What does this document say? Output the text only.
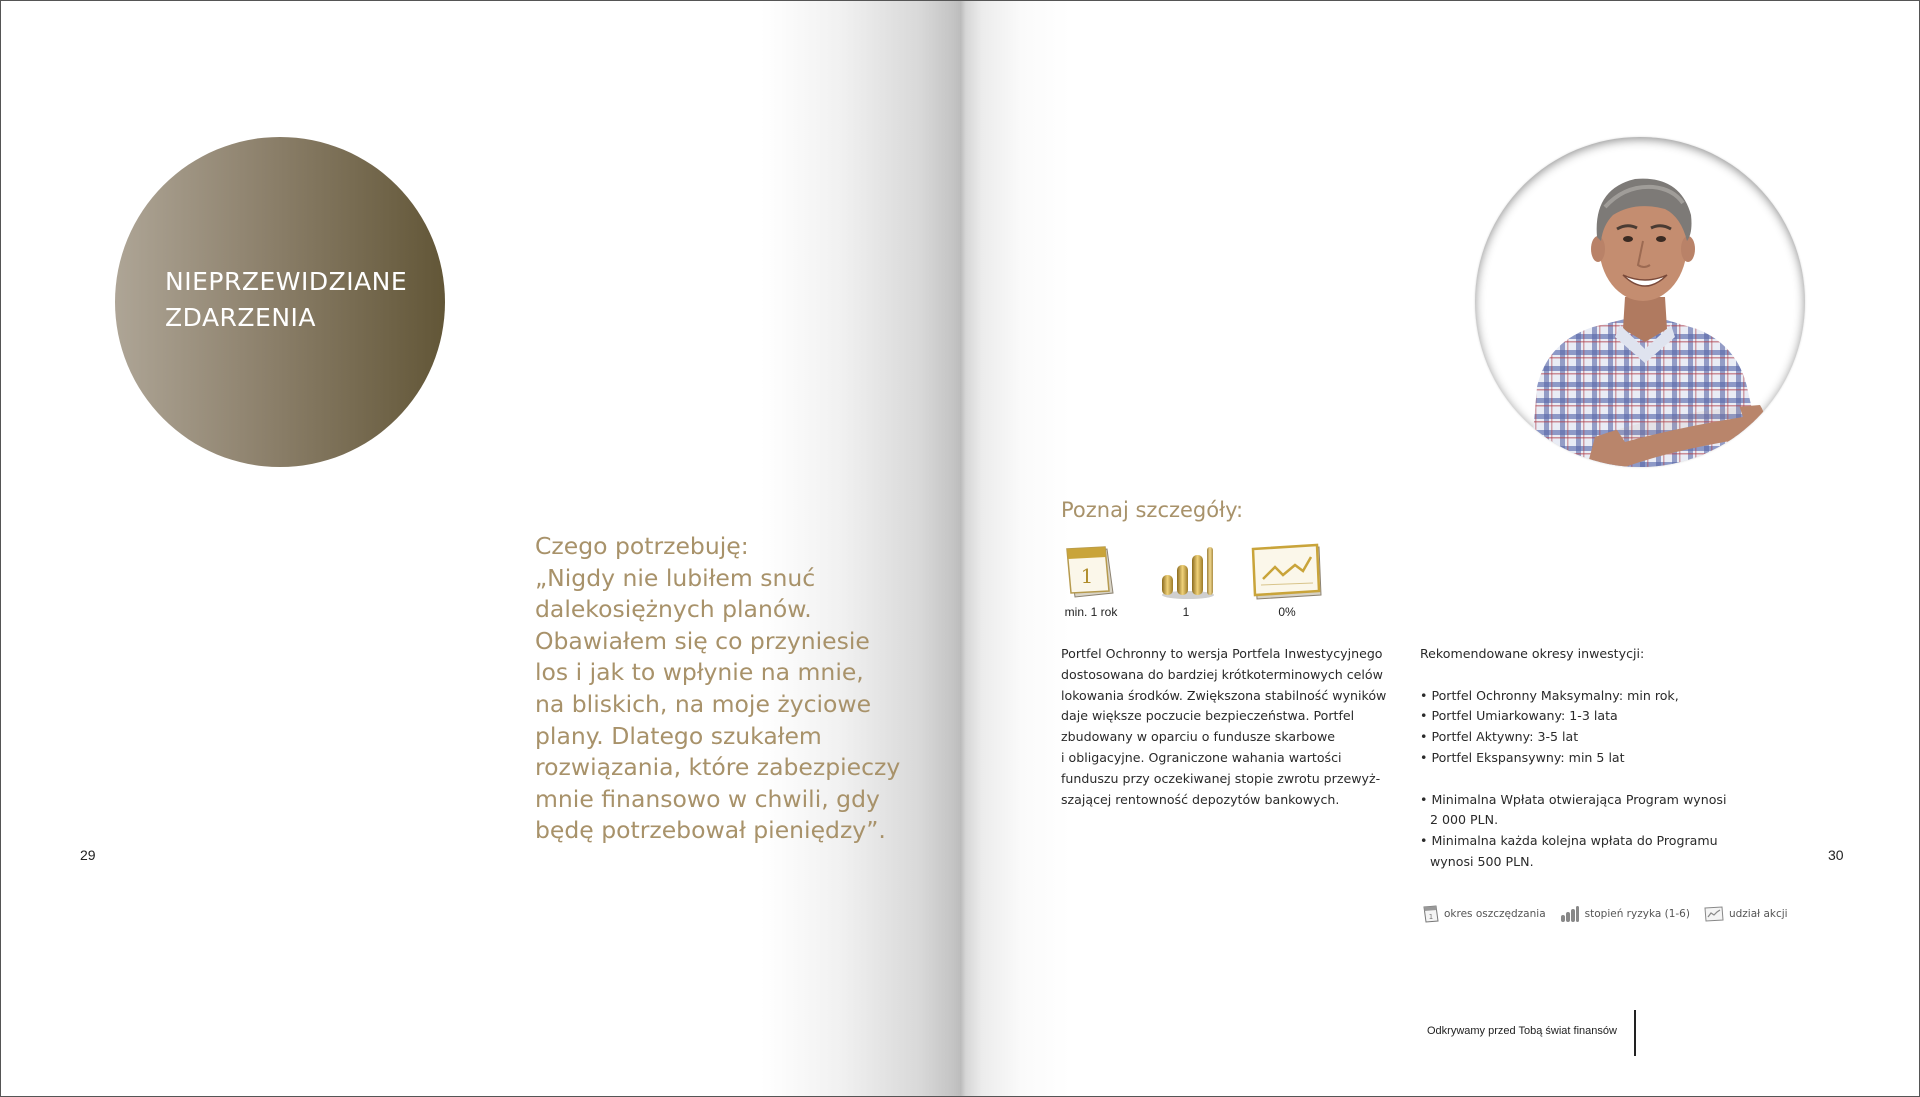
NIEPRZEWIDZIANE
ZDARZENIA

Czego potrzebuję:
„Nigdy nie lubiłem snuć
dalekosiężnych planów.
Obawiałem się co przyniesie
los i jak to wpłynie na mnie,
na bliskich, na moje życiowe
plany. Dlatego szukałem
rozwiązania, które zabezpieczy
mnie finansowo w chwili, gdy
będę potrzebował pieniędzy”.

29
Poznaj szczegóły:
1
min. 1 rok	1	0%

Portfel Ochronny to wersja Portfela Inwestycyjnego
dostosowana do bardziej krótkoterminowych celów
lokowania środków. Zwiększona stabilność wyników
daje większe poczucie bezpieczeństwa. Portfel
zbudowany w oparciu o fundusze skarbowe
i obligacyjne. Ograniczone wahania wartości
funduszu przy oczekiwanej stopie zwrotu przewyż-
szającej rentowność depozytów bankowych.

Rekomendowane okresy inwestycji:
• Portfel Ochronny Maksymalny: min rok,
• Portfel Umiarkowany: 1-3 lata
• Portfel Aktywny: 3-5 lat
• Portfel Ekspansywny: min 5 lat
• Minimalna Wpłata otwierająca Program wynosi
2 000 PLN.
• Minimalna każda kolejna wpłata do Programu
wynosi 500 PLN.	30
1 okres oszczędzania	stopień ryzyka (1-6)	udział akcji
Odkrywamy przed Tobą świat finansów
